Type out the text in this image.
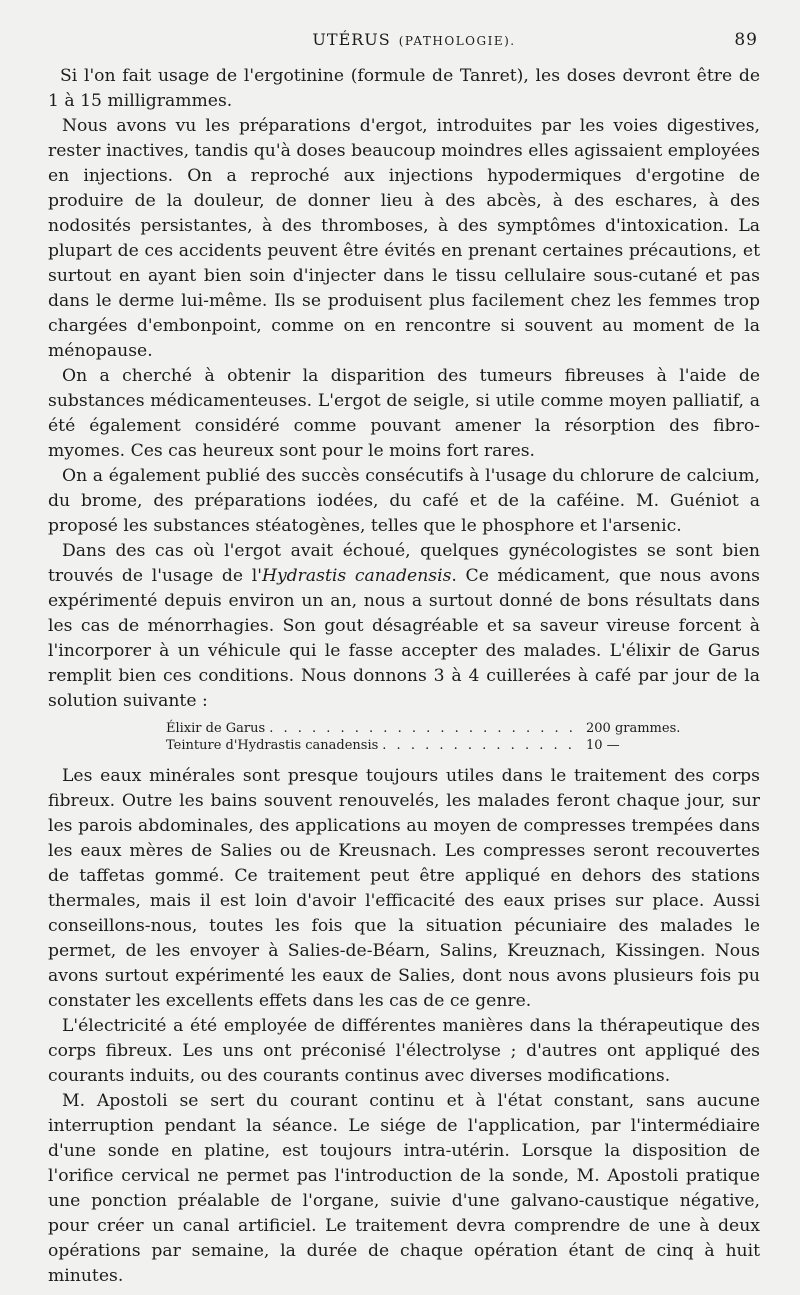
UTÉRUS (PATHOLOGIE).	89

Si l'on fait usage de l'ergotinine (formule de Tanret), les doses devront être de 1 à 15 milligrammes.

Nous avons vu les préparations d'ergot, introduites par les voies digestives, rester inactives, tandis qu'à doses beaucoup moindres elles agissaient employées en injections. On a reproché aux injections hypodermiques d'ergotine de produire de la douleur, de donner lieu à des abcès, à des eschares, à des nodosités persistantes, à des thromboses, à des symptômes d'intoxication. La plupart de ces accidents peuvent être évités en prenant certaines précautions, et surtout en ayant bien soin d'injecter dans le tissu cellulaire sous-cutané et pas dans le derme lui-même. Ils se produisent plus facilement chez les femmes trop chargées d'embonpoint, comme on en rencontre si souvent au moment de la ménopause.

On a cherché à obtenir la disparition des tumeurs fibreuses à l'aide de substances médicamenteuses. L'ergot de seigle, si utile comme moyen palliatif, a été également considéré comme pouvant amener la résorption des fibro-myomes. Ces cas heureux sont pour le moins fort rares.

On a également publié des succès consécutifs à l'usage du chlorure de calcium, du brome, des préparations iodées, du café et de la caféine. M. Guéniot a proposé les substances stéatogènes, telles que le phosphore et l'arsenic.

Dans des cas où l'ergot avait échoué, quelques gynécologistes se sont bien trouvés de l'usage de l'Hydrastis canadensis. Ce médicament, que nous avons expérimenté depuis environ un an, nous a surtout donné de bons résultats dans les cas de ménorrhagies. Son gout désagréable et sa saveur vireuse forcent à l'incorporer à un véhicule qui le fasse accepter des malades. L'élixir de Garus remplit bien ces conditions. Nous donnons 3 à 4 cuillerées à café par jour de la solution suivante :

Élixir de Garus . . .	200 grammes.
Teinture d'Hydrastis canadensis . . .	10 —

Les eaux minérales sont presque toujours utiles dans le traitement des corps fibreux. Outre les bains souvent renouvelés, les malades feront chaque jour, sur les parois abdominales, des applications au moyen de compresses trempées dans les eaux mères de Salies ou de Kreusnach. Les compresses seront recouvertes de taffetas gommé. Ce traitement peut être appliqué en dehors des stations thermales, mais il est loin d'avoir l'efficacité des eaux prises sur place. Aussi conseillons-nous, toutes les fois que la situation pécuniaire des malades le permet, de les envoyer à Salies-de-Béarn, Salins, Kreuznach, Kissingen. Nous avons surtout expérimenté les eaux de Salies, dont nous avons plusieurs fois pu constater les excellents effets dans les cas de ce genre.

L'électricité a été employée de différentes manières dans la thérapeutique des corps fibreux. Les uns ont préconisé l'électrolyse ; d'autres ont appliqué des courants induits, ou des courants continus avec diverses modifications.

M. Apostoli se sert du courant continu et à l'état constant, sans aucune interruption pendant la séance. Le siége de l'application, par l'intermédiaire d'une sonde en platine, est toujours intra-utérin. Lorsque la disposition de l'orifice cervical ne permet pas l'introduction de la sonde, M. Apostoli pratique une ponction préalable de l'organe, suivie d'une galvano-caustique négative, pour créer un canal artificiel. Le traitement devra comprendre de une à deux opérations par semaine, la durée de chaque opération étant de cinq à huit minutes.
